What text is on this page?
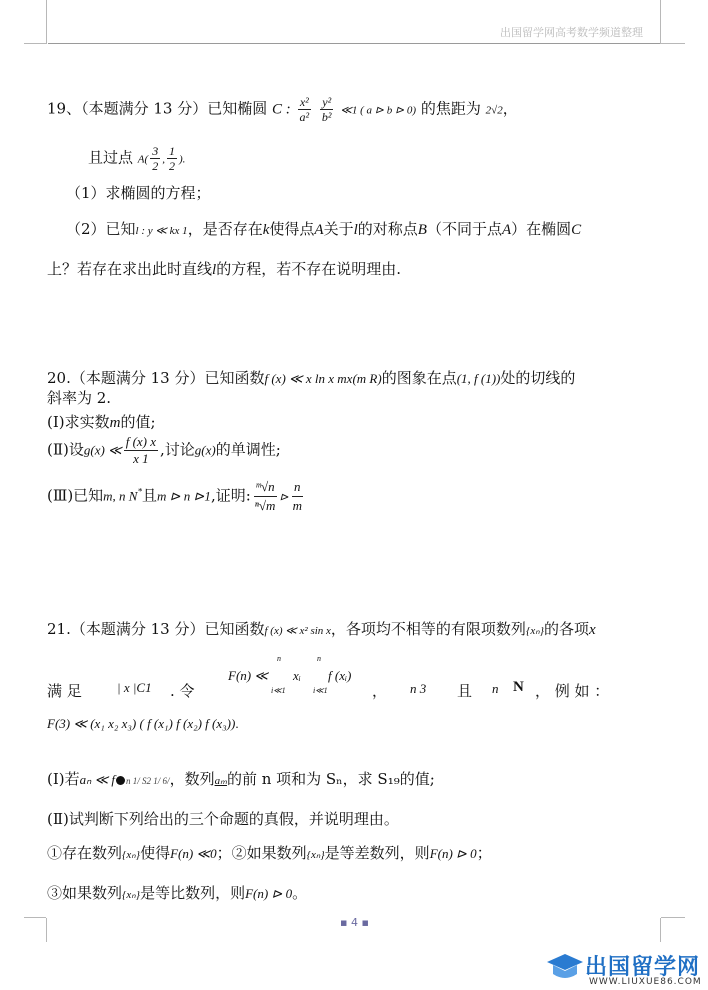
出国留学网高考数学频道整理
19、（本题满分 13 分）已知椭圆 C : $\frac{\text{x²}}{\text{a²}}$
$\frac{\text{y²}}{\text{b²}}$ ≪1 ( a ⊳ b ⊳ 0) 的焦距为 2√2，
且过点 $A( \frac{3}{2}$ , $\frac{1}{2}$ ).
（1）求椭圆的方程；
（2）已知l : y ≪ kx 1，是否存在k使得点A关于l的对称点B（不同于点A）在椭圆C
上？若存在求出此时直线l的方程，若不存在说明理由.
20.（本题满分 13 分）已知函数f (x) ≪ x ln x mx(m R)的图象在点(1, f (1))处的切线的
斜率为 2.
(Ⅰ)求实数m的值;
(Ⅱ)设g(x) ≪ $\frac{f (x) x}{x 1}$ ,讨论g(x)的单调性;
(Ⅲ)已知m, n N*且m ⊳ n ⊳1,证明: $\frac{\text{ᵐ√n}}{\text{ⁿ√m}}$ ⊳ $\frac{n}{m}$
21.（本题满分 13 分）已知函数f (x) ≪ x² sin x，各项均不相等的有限项数列{xₙ}的各项x
满 足	| x |C1 . 令
F(n) ≪
n
xᵢ
i≪1
n
f (xᵢ)
i≪1	， n 3 且 n N ， 例 如 ：
F(3) ≪ (x₁ x₂ x₃) ( f (x₁) f (x₂) f (x₃)).
(Ⅰ)若aₙ ≪ f n 1/ S2 1/ 6/，数列aₘ的前 n 项和为 Sₙ，求 S₁₉的值;
(Ⅱ)试判断下列给出的三个命题的真假，并说明理由。
①存在数列{xₙ}使得F(n) ≪0；②如果数列{xₙ}是等差数列，则F(n) ⊳ 0；
③如果数列{xₙ}是等比数列，则F(n) ⊳ 0。
▪ 4 ▪
出国留学网
WWW.LIUXUE86.COM
